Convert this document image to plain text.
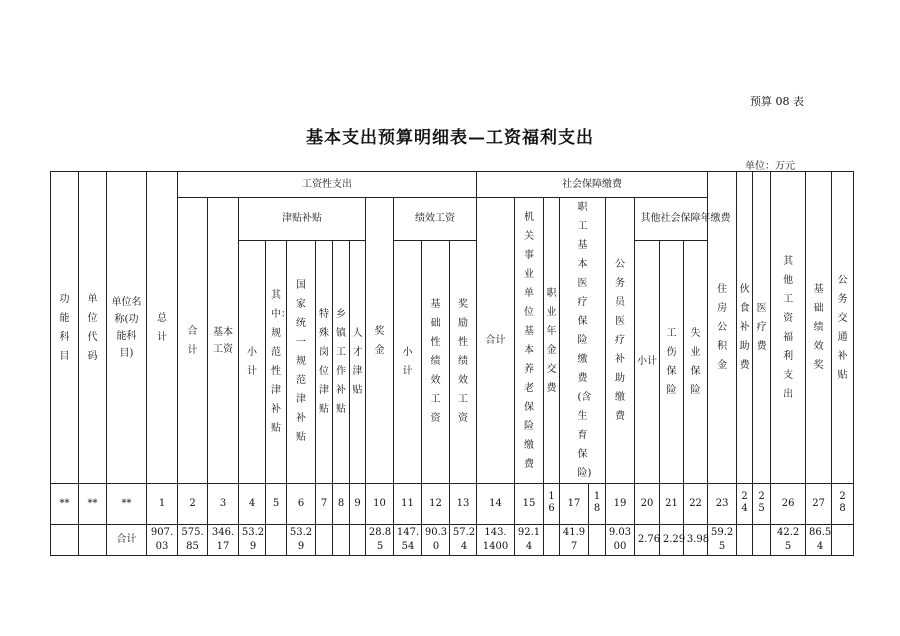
预算 08 表
基本支出预算明细表—工资福利支出
单位：万元
功能科目	单位代码	单位名称(功能科目)	总计	工资性支出												社会保障缴费									住房公积金	伙食补助费	医疗费	其他工资福利支出	基础绩效奖	公务交通补贴	
				合计	基本工资	津贴补贴						奖金	绩效工资			合计	机关事业单位基本养老保险缴费	职业年金交费	职工基本医疗保险缴费(含生育保险)		公务员医疗补助缴费	其他社会保障年缴费									
						小计	其中：规范性津补贴	国家统一规范津补贴	特殊岗位津贴	乡镇工作补贴	人才津贴		小计	基础性绩效工资	奖励性绩效工资							小计	工伤保险	失业保险	
**	**	**	1	2	3	4	5	6	7	8	9	10	11	12	13	14	15	16	17	18	19	20	21	22	23	24	25	26	27	28	
		合计	907.03	575.85	346.17	53.29		53.29				28.85	147.54	90.30	57.24	143.1400	92.14		41.97		9.0300	2.76	2.29	3.98	59.25			42.25	86.54		
